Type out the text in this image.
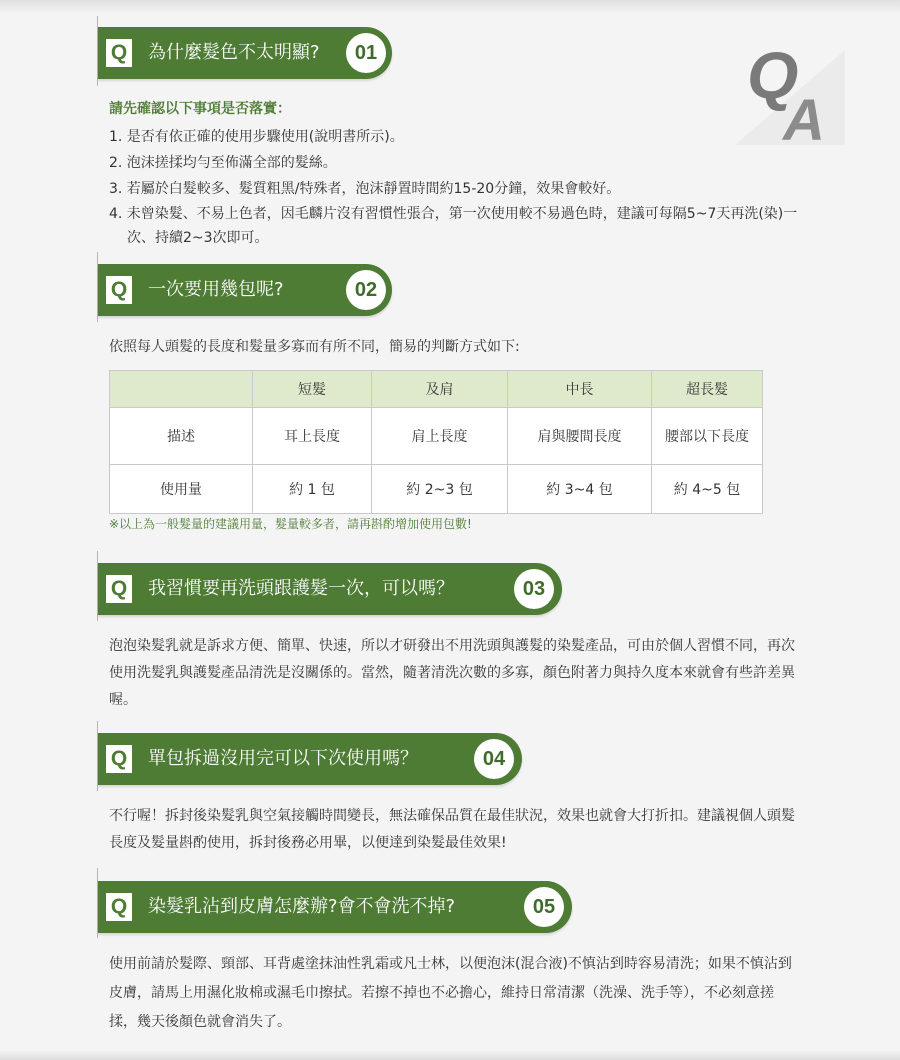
Q
A
Q 為什麼髮色不太明顯?	01
請先確認以下事項是否落實：
1. 是否有依正確的使用步驟使用(說明書所示)。
2. 泡沫搓揉均勻至佈滿全部的髮絲。
3. 若屬於白髮較多、髮質粗黑/特殊者，泡沫靜置時間約15-20分鐘，效果會較好。
4. 未曾染髮、不易上色者，因毛麟片沒有習慣性張合，第一次使用較不易過色時，建議可每隔5~7天再洗(染)一次、持續2~3次即可。
Q 一次要用幾包呢?	02
依照每人頭髮的長度和髮量多寡而有所不同，簡易的判斷方式如下:
	短髮	及肩	中長	超長髮
描述	耳上長度	肩上長度	肩與腰間長度	腰部以下長度
使用量	約 1 包	約 2~3 包	約 3~4 包	約 4~5 包
※以上為一般髮量的建議用量，髮量較多者，請再斟酌增加使用包數!
Q 我習慣要再洗頭跟護髮一次，可以嗎？	03

泡泡染髮乳就是訴求方便、簡單、快速，所以才研發出不用洗頭與護髮的染髮產品，可由於個人習慣不同，再次使用洗髮乳與護髮產品清洗是沒關係的。當然，隨著清洗次數的多寡，顏色附著力與持久度本來就會有些許差異喔。

Q 單包拆過沒用完可以下次使用嗎？	04

不行喔！拆封後染髮乳與空氣接觸時間變長，無法確保品質在最佳狀況，效果也就會大打折扣。建議視個人頭髮長度及髮量斟酌使用，拆封後務必用畢，以便達到染髮最佳效果!

Q 染髮乳沾到皮膚怎麼辦?會不會洗不掉?	05

使用前請於髮際、頸部、耳背處塗抹油性乳霜或凡士林，以便泡沫(混合液)不慎沾到時容易清洗；如果不慎沾到皮膚，請馬上用濕化妝棉或濕毛巾擦拭。若擦不掉也不必擔心，維持日常清潔（洗澡、洗手等），不必刻意搓揉，幾天後顏色就會消失了。
